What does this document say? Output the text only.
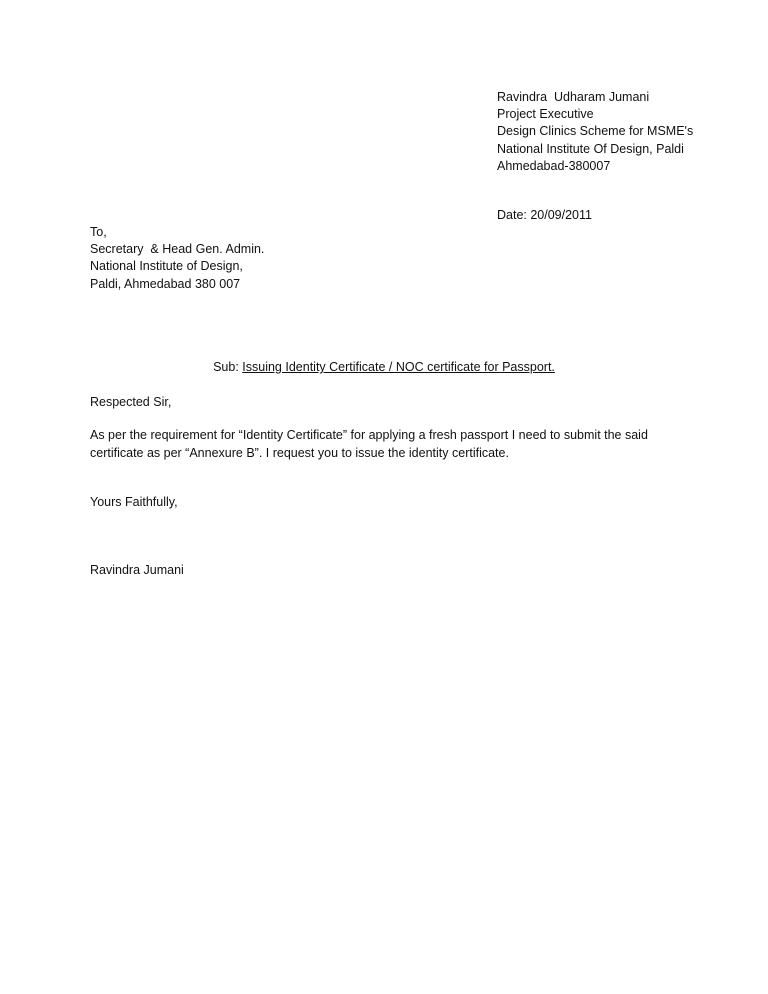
Ravindra  Udharam Jumani
Project Executive
Design Clinics Scheme for MSME's
National Institute Of Design, Paldi
Ahmedabad-380007
Date: 20/09/2011
To,
Secretary  & Head Gen. Admin.
National Institute of Design,
Paldi, Ahmedabad 380 007
Sub: Issuing Identity Certificate / NOC certificate for Passport.
Respected Sir,
As per the requirement for “Identity Certificate” for applying a fresh passport I need to submit the said
certificate as per “Annexure B”. I request you to issue the identity certificate.
Yours Faithfully,
Ravindra Jumani
